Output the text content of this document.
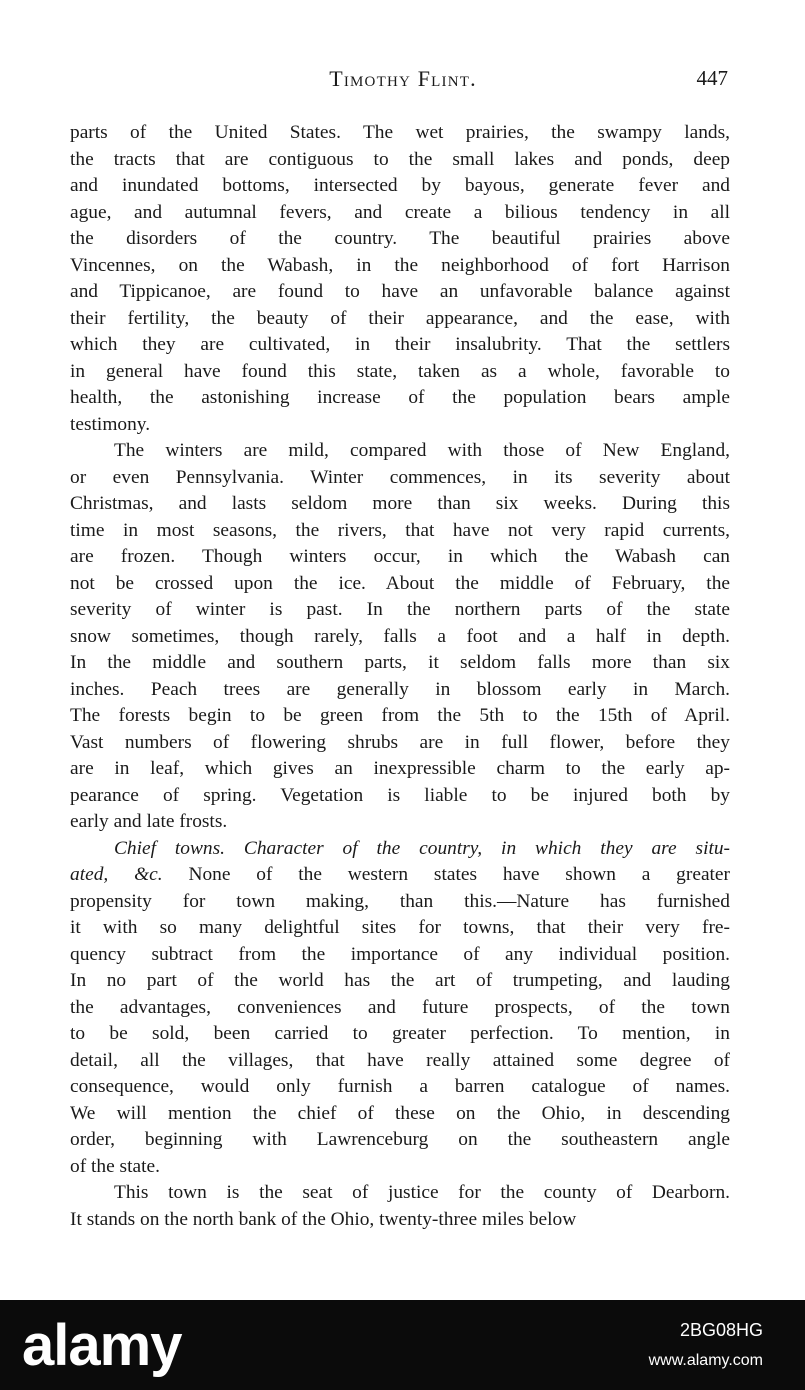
Timothy Flint.	447
parts of the United States. The wet prairies, the swampy lands,
the tracts that are contiguous to the small lakes and ponds, deep
and inundated bottoms, intersected by bayous, generate fever and
ague, and autumnal fevers, and create a bilious tendency in all
the disorders of the country. The beautiful prairies above
Vincennes, on the Wabash, in the neighborhood of fort Harrison
and Tippicanoe, are found to have an unfavorable balance against
their fertility, the beauty of their appearance, and the ease, with
which they are cultivated, in their insalubrity. That the settlers
in general have found this state, taken as a whole, favorable to
health, the astonishing increase of the population bears ample
testimony.
The winters are mild, compared with those of New England,
or even Pennsylvania. Winter commences, in its severity about
Christmas, and lasts seldom more than six weeks. During this
time in most seasons, the rivers, that have not very rapid currents,
are frozen. Though winters occur, in which the Wabash can
not be crossed upon the ice. About the middle of February, the
severity of winter is past. In the northern parts of the state
snow sometimes, though rarely, falls a foot and a half in depth.
In the middle and southern parts, it seldom falls more than six
inches. Peach trees are generally in blossom early in March.
The forests begin to be green from the 5th to the 15th of April.
Vast numbers of flowering shrubs are in full flower, before they
are in leaf, which gives an inexpressible charm to the early ap-
pearance of spring. Vegetation is liable to be injured both by
early and late frosts.
Chief towns. Character of the country, in which they are situ-
ated, &c. None of the western states have shown a greater
propensity for town making, than this.—Nature has furnished
it with so many delightful sites for towns, that their very fre-
quency subtract from the importance of any individual position.
In no part of the world has the art of trumpeting, and lauding
the advantages, conveniences and future prospects, of the town
to be sold, been carried to greater perfection. To mention, in
detail, all the villages, that have really attained some degree of
consequence, would only furnish a barren catalogue of names.
We will mention the chief of these on the Ohio, in descending
order, beginning with Lawrenceburg on the southeastern angle
of the state.
This town is the seat of justice for the county of Dearborn.
It stands on the north bank of the Ohio, twenty-three miles below
alamy	2BG08HG
www.alamy.com
